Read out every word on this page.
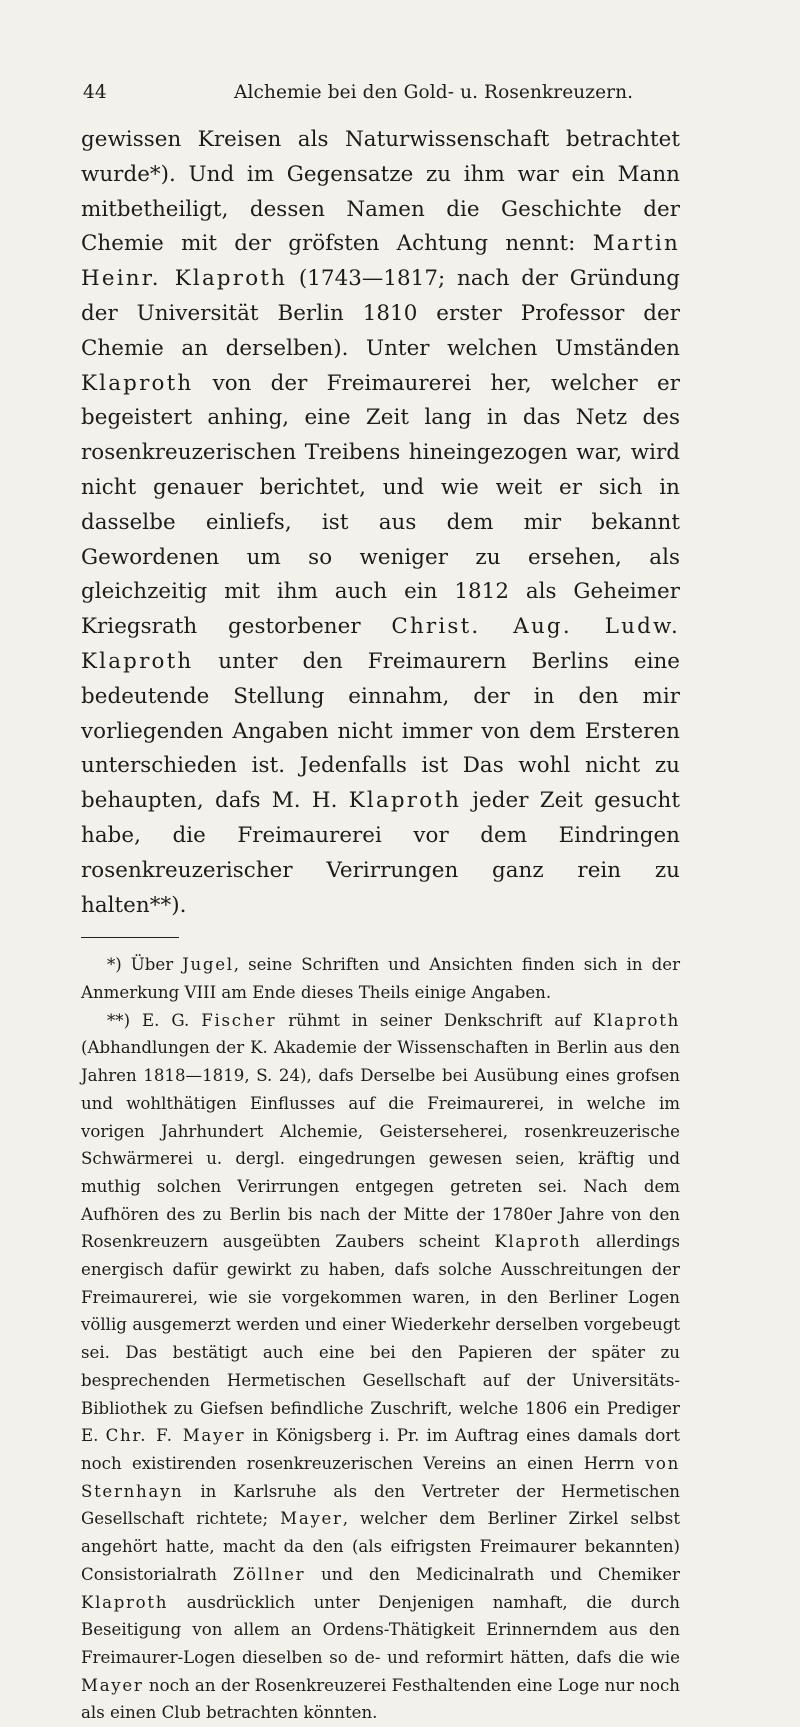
44	Alchemie bei den Gold- u. Rosenkreuzern.

gewissen Kreisen als Naturwissenschaft betrachtet wurde*). Und im Gegensatze zu ihm war ein Mann mitbetheiligt, dessen Namen die Geschichte der Chemie mit der gröfsten Achtung nennt: Martin Heinr. Klaproth (1743—1817; nach der Gründung der Universität Berlin 1810 erster Professor der Chemie an derselben). Unter welchen Umständen Klaproth von der Freimaurerei her, welcher er begeistert anhing, eine Zeit lang in das Netz des rosenkreuzerischen Treibens hineingezogen war, wird nicht genauer berichtet, und wie weit er sich in dasselbe einliefs, ist aus dem mir bekannt Gewordenen um so weniger zu ersehen, als gleichzeitig mit ihm auch ein 1812 als Geheimer Kriegsrath gestorbener Christ. Aug. Ludw. Klaproth unter den Freimaurern Berlins eine bedeutende Stellung einnahm, der in den mir vorliegenden Angaben nicht immer von dem Ersteren unterschieden ist. Jedenfalls ist Das wohl nicht zu behaupten, dafs M. H. Klaproth jeder Zeit gesucht habe, die Freimaurerei vor dem Eindringen rosenkreuzerischer Verirrungen ganz rein zu halten**).

*) Über Jugel, seine Schriften und Ansichten finden sich in der Anmerkung VIII am Ende dieses Theils einige Angaben.

**) E. G. Fischer rühmt in seiner Denkschrift auf Klaproth (Abhandlungen der K. Akademie der Wissenschaften in Berlin aus den Jahren 1818—1819, S. 24), dafs Derselbe bei Ausübung eines grofsen und wohlthätigen Einflusses auf die Freimaurerei, in welche im vorigen Jahrhundert Alchemie, Geisterseherei, rosenkreuzerische Schwärmerei u. dergl. eingedrungen gewesen seien, kräftig und muthig solchen Verirrungen entgegen getreten sei. Nach dem Aufhören des zu Berlin bis nach der Mitte der 1780er Jahre von den Rosenkreuzern ausgeübten Zaubers scheint Klaproth allerdings energisch dafür gewirkt zu haben, dafs solche Ausschreitungen der Freimaurerei, wie sie vorgekommen waren, in den Berliner Logen völlig ausgemerzt werden und einer Wiederkehr derselben vorgebeugt sei. Das bestätigt auch eine bei den Papieren der später zu besprechenden Hermetischen Gesellschaft auf der Universitäts-Bibliothek zu Giefsen befindliche Zuschrift, welche 1806 ein Prediger E. Chr. F. Mayer in Königsberg i. Pr. im Auftrag eines damals dort noch existirenden rosenkreuzerischen Vereins an einen Herrn von Sternhayn in Karlsruhe als den Vertreter der Hermetischen Gesellschaft richtete; Mayer, welcher dem Berliner Zirkel selbst angehört hatte, macht da den (als eifrigsten Freimaurer bekannten) Consistorialrath Zöllner und den Medicinalrath und Chemiker Klaproth ausdrücklich unter Denjenigen namhaft, die durch Beseitigung von allem an Ordens-Thätigkeit Erinnerndem aus den Freimaurer-Logen dieselben so de- und reformirt hätten, dafs die wie Mayer noch an der Rosenkreuzerei Festhaltenden eine Loge nur noch als einen Club betrachten könnten.
